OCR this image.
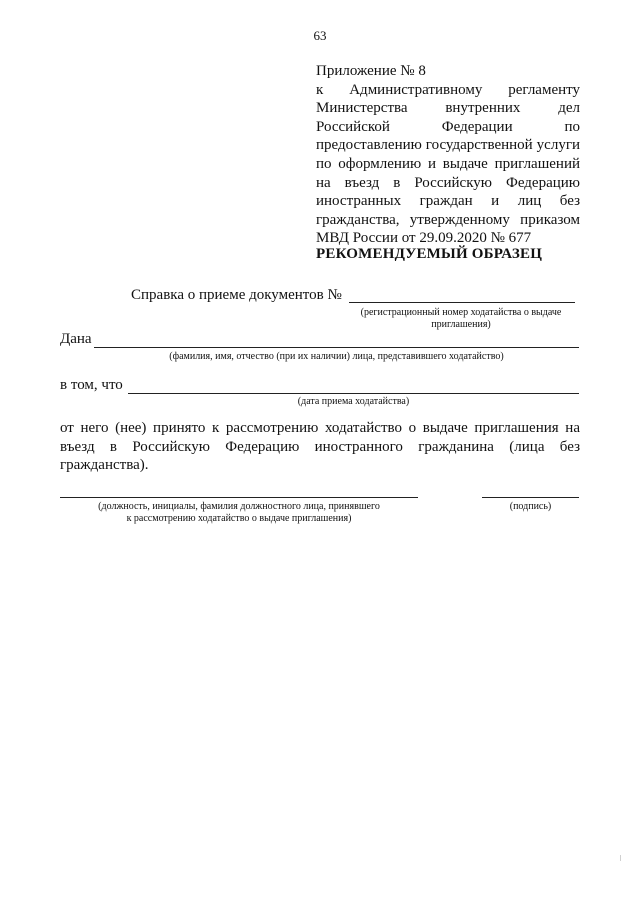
63

Приложение № 8

к Административному регламенту Министерства внутренних дел Российской Федерации по предоставлению государственной услуги по оформлению и выдаче приглашений на въезд в Российскую Федерацию иностранных граждан и лиц без гражданства, утвержденному приказом МВД России от 29.09.2020 № 677

РЕКОМЕНДУЕМЫЙ ОБРАЗЕЦ
Справка о приеме документов №
(регистрационный номер ходатайства о выдаче
приглашения)
Дана
(фамилия, имя, отчество (при их наличии) лица, представившего ходатайство)
в том, что
(дата приема ходатайства)

от него (нее) принято к рассмотрению ходатайство о выдаче приглашения на въезд в Российскую Федерацию иностранного гражданина (лица без гражданства).

(должность, инициалы, фамилия должностного лица, принявшего
к рассмотрению ходатайство о выдаче приглашения)
(подпись)
